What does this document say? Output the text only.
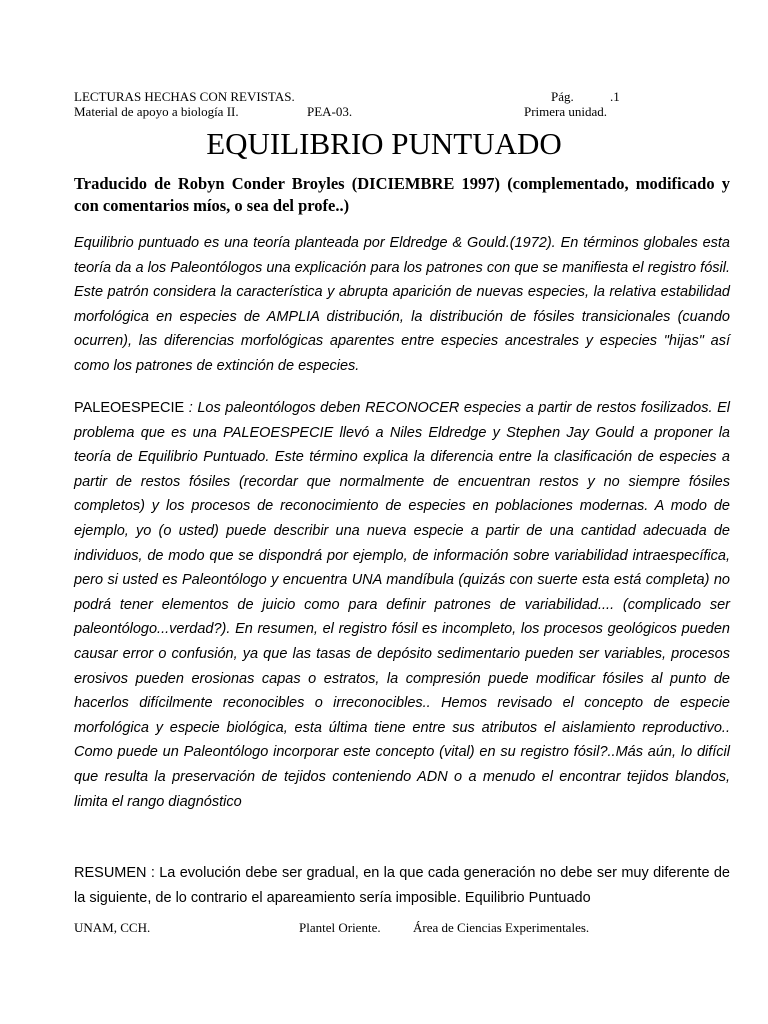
LECTURAS HECHAS CON REVISTAS.	Pág.	.1
Material de apoyo a biología II.	PEA-03.	Primera unidad.
EQUILIBRIO PUNTUADO

Traducido de Robyn Conder Broyles (DICIEMBRE 1997) (complementado, modificado y con comentarios míos, o sea del profe..)

Equilibrio puntuado es una teoría planteada por Eldredge & Gould.(1972). En términos globales esta teoría da a los Paleontólogos una explicación para los patrones con que se manifiesta el registro fósil. Este patrón considera la característica y abrupta aparición de nuevas especies, la relativa estabilidad morfológica en especies de AMPLIA distribución, la distribución de fósiles transicionales (cuando ocurren), las diferencias morfológicas aparentes entre especies ancestrales y especies "hijas" así como los patrones de extinción de especies.

PALEOESPECIE : Los paleontólogos deben RECONOCER especies a partir de restos fosilizados. El problema que es una PALEOESPECIE llevó a Niles Eldredge y Stephen Jay Gould a proponer la teoría de Equilibrio Puntuado. Este término explica la diferencia entre la clasificación de especies a partir de restos fósiles (recordar que normalmente de encuentran restos y no siempre fósiles completos) y los procesos de reconocimiento de especies en poblaciones modernas. A modo de ejemplo, yo (o usted) puede describir una nueva especie a partir de una cantidad adecuada de individuos, de modo que se dispondrá por ejemplo, de información sobre variabilidad intraespecífica, pero si usted es Paleontólogo y encuentra UNA mandíbula (quizás con suerte esta está completa) no podrá tener elementos de juicio como para definir patrones de variabilidad.... (complicado ser paleontólogo...verdad?). En resumen, el registro fósil es incompleto, los procesos geológicos pueden causar error o confusión, ya que las tasas de depósito sedimentario pueden ser variables, procesos erosivos pueden erosionas capas o estratos, la compresión puede modificar fósiles al punto de hacerlos difícilmente reconocibles o irreconocibles.. Hemos revisado el concepto de especie morfológica y especie biológica, esta última tiene entre sus atributos el aislamiento reproductivo.. Como puede un Paleontólogo incorporar este concepto (vital) en su registro fósil?..Más aún, lo difícil que resulta la preservación de tejidos conteniendo ADN o a menudo el encontrar tejidos blandos, limita el rango diagnóstico

RESUMEN : La evolución debe ser gradual, en la que cada generación no debe ser muy diferente de la siguiente, de lo contrario el apareamiento sería imposible. Equilibrio Puntuado

UNAM, CCH.	Plantel Oriente. Área de Ciencias Experimentales.
